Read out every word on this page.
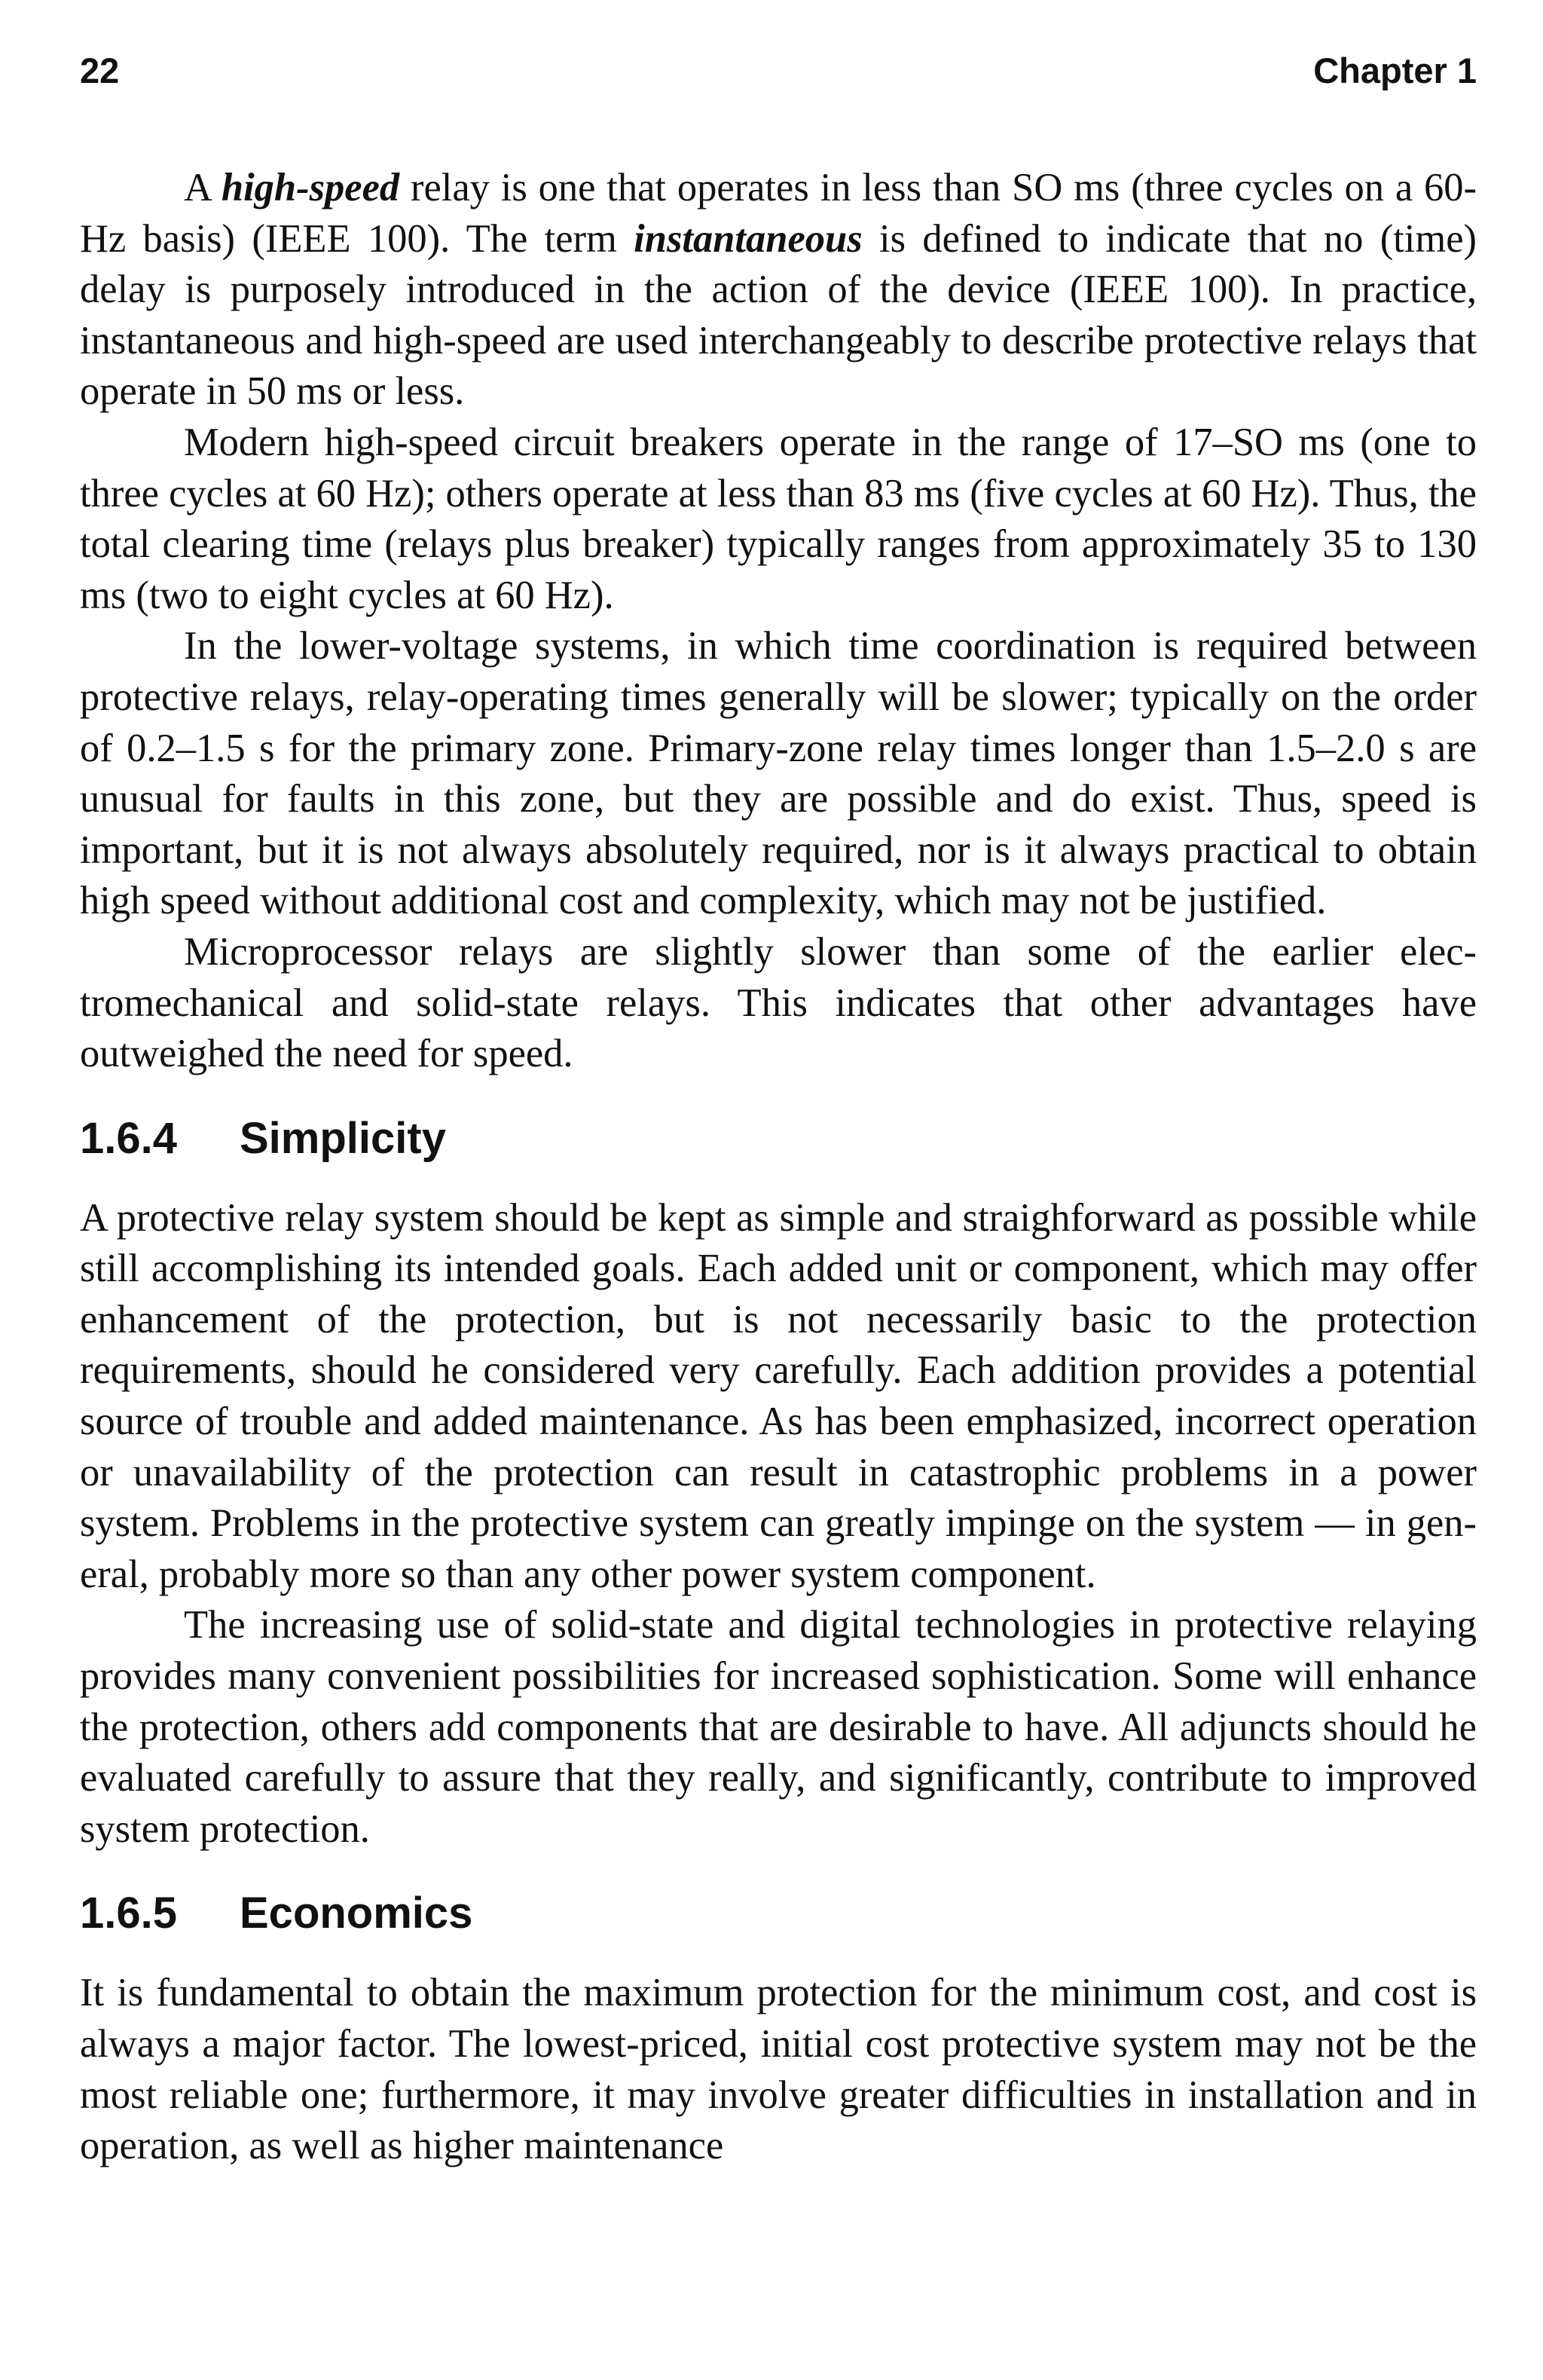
22	Chapter 1

A high-speed relay is one that operates in less than SO ms (three cycles on a 60-Hz basis) (IEEE 100). The term instantaneous is defined to indicate that no (time) delay is purposely introduced in the action of the device (IEEE 100). In practice, instantaneous and high-speed are used interchangeably to describe protective relays that operate in 50 ms or less.

Modern high-speed circuit breakers operate in the range of 17–SO ms (one to three cycles at 60 Hz); others operate at less than 83 ms (five cycles at 60 Hz). Thus, the total clearing time (relays plus breaker) typically ranges from approximately 35 to 130 ms (two to eight cycles at 60 Hz).

In the lower-voltage systems, in which time coordination is required between protective relays, relay-operating times generally will be slower; typically on the order of 0.2–1.5 s for the primary zone. Primary-zone relay times longer than 1.5–2.0 s are unusual for faults in this zone, but they are possible and do exist. Thus, speed is important, but it is not always absolutely required, nor is it always practical to obtain high speed without additional cost and complexity, which may not be justified.

Microprocessor relays are slightly slower than some of the earlier electromechanical and solid-state relays. This indicates that other advantages have outweighed the need for speed.

1.6.4 Simplicity

A protective relay system should be kept as simple and straighforward as possible while still accomplishing its intended goals. Each added unit or component, which may offer enhancement of the protection, but is not necessarily basic to the protection requirements, should he considered very carefully. Each addition provides a potential source of trouble and added maintenance. As has been emphasized, incorrect operation or unavailability of the protection can result in catastrophic problems in a power system. Problems in the protective system can greatly impinge on the system — in general, probably more so than any other power system component.

The increasing use of solid-state and digital technologies in protective relaying provides many convenient possibilities for increased sophistication. Some will enhance the protection, others add components that are desirable to have. All adjuncts should he evaluated carefully to assure that they really, and significantly, contribute to improved system protection.

1.6.5 Economics

It is fundamental to obtain the maximum protection for the minimum cost, and cost is always a major factor. The lowest-priced, initial cost protective system may not be the most reliable one; furthermore, it may involve greater difficulties in installation and in operation, as well as higher maintenance
